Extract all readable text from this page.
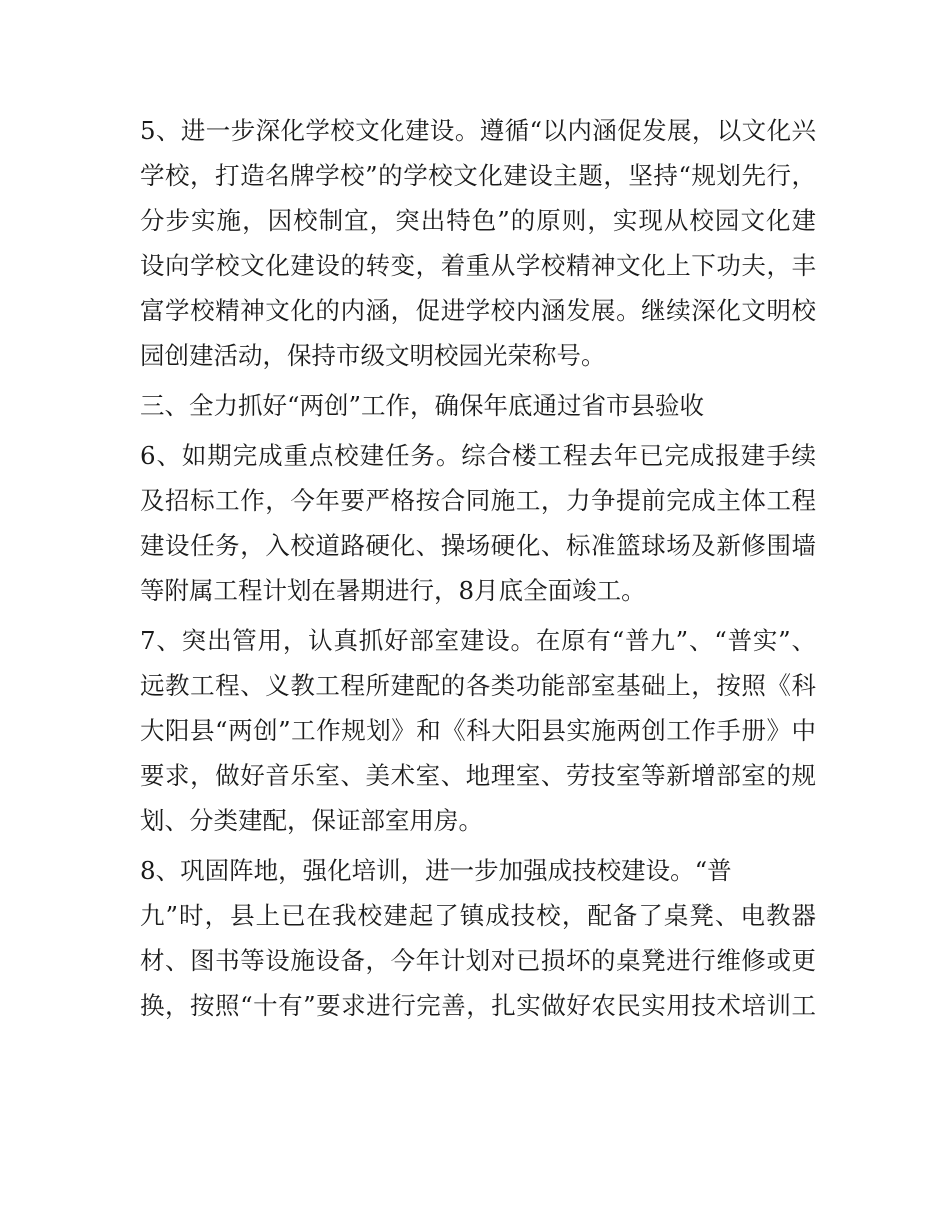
5、进一步深化学校文化建设。遵循“以内涵促发展，以文化兴
学校，打造名牌学校”的学校文化建设主题，坚持“规划先行，
分步实施，因校制宜，突出特色”的原则，实现从校园文化建
设向学校文化建设的转变，着重从学校精神文化上下功夫，丰
富学校精神文化的内涵，促进学校内涵发展。继续深化文明校
园创建活动，保持市级文明校园光荣称号。
三、全力抓好“两创”工作，确保年底通过省市县验收
6、如期完成重点校建任务。综合楼工程去年已完成报建手续
及招标工作，今年要严格按合同施工，力争提前完成主体工程
建设任务，入校道路硬化、操场硬化、标准篮球场及新修围墙
等附属工程计划在暑期进行，8月底全面竣工。
7、突出管用，认真抓好部室建设。在原有“普九”、“普实”、
远教工程、义教工程所建配的各类功能部室基础上，按照《科
大阳县“两创”工作规划》和《科大阳县实施两创工作手册》中
要求，做好音乐室、美术室、地理室、劳技室等新增部室的规
划、分类建配，保证部室用房。
8、巩固阵地，强化培训，进一步加强成技校建设。“普
九”时，县上已在我校建起了镇成技校，配备了桌凳、电教器
材、图书等设施设备，今年计划对已损坏的桌凳进行维修或更
换，按照“十有”要求进行完善，扎实做好农民实用技术培训工
